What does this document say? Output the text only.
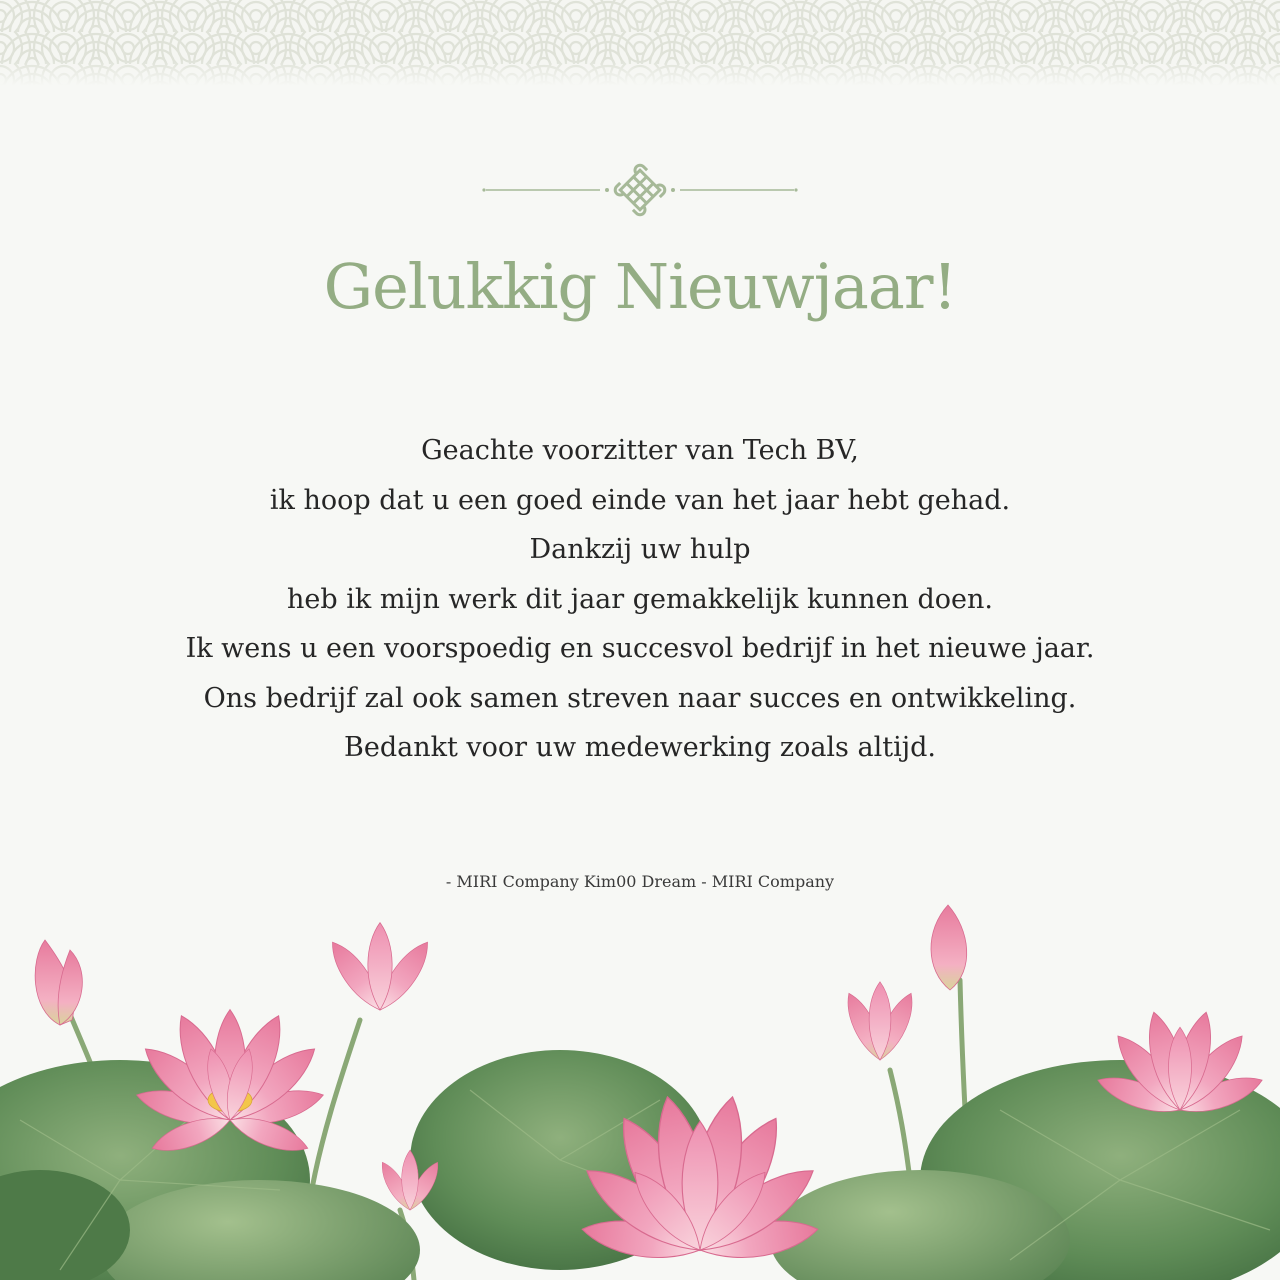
Gelukkig Nieuwjaar!
Geachte voorzitter van Tech BV,
ik hoop dat u een goed einde van het jaar hebt gehad.
Dankzij uw hulp
heb ik mijn werk dit jaar gemakkelijk kunnen doen.
Ik wens u een voorspoedig en succesvol bedrijf in het nieuwe jaar.
Ons bedrijf zal ook samen streven naar succes en ontwikkeling.
Bedankt voor uw medewerking zoals altijd.
- MIRI Company Kim00 Dream - MIRI Company
